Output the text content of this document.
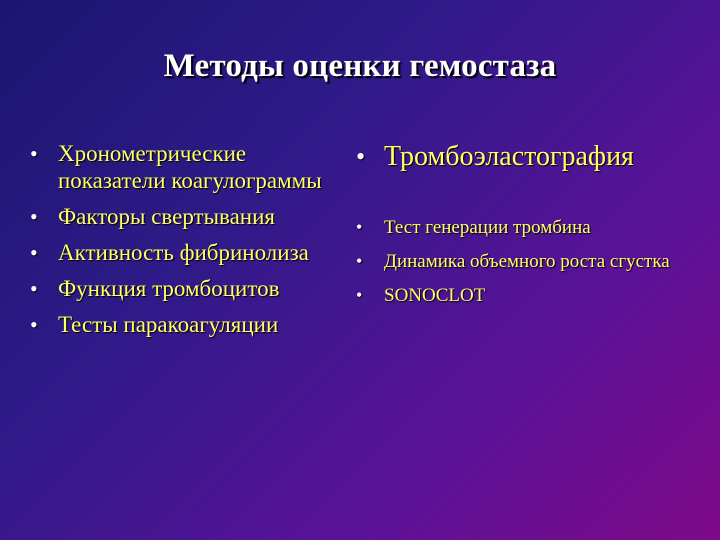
Методы оценки гемостаза
• Хронометрические показатели коагулограммы
• Факторы свертывания
• Активность фибринолиза
• Функция тромбоцитов
• Тесты паракоагуляции
• Тромбоэластография
• Тест генерации тромбина
• Динамика объемного роста сгустка
• SONOCLOT
